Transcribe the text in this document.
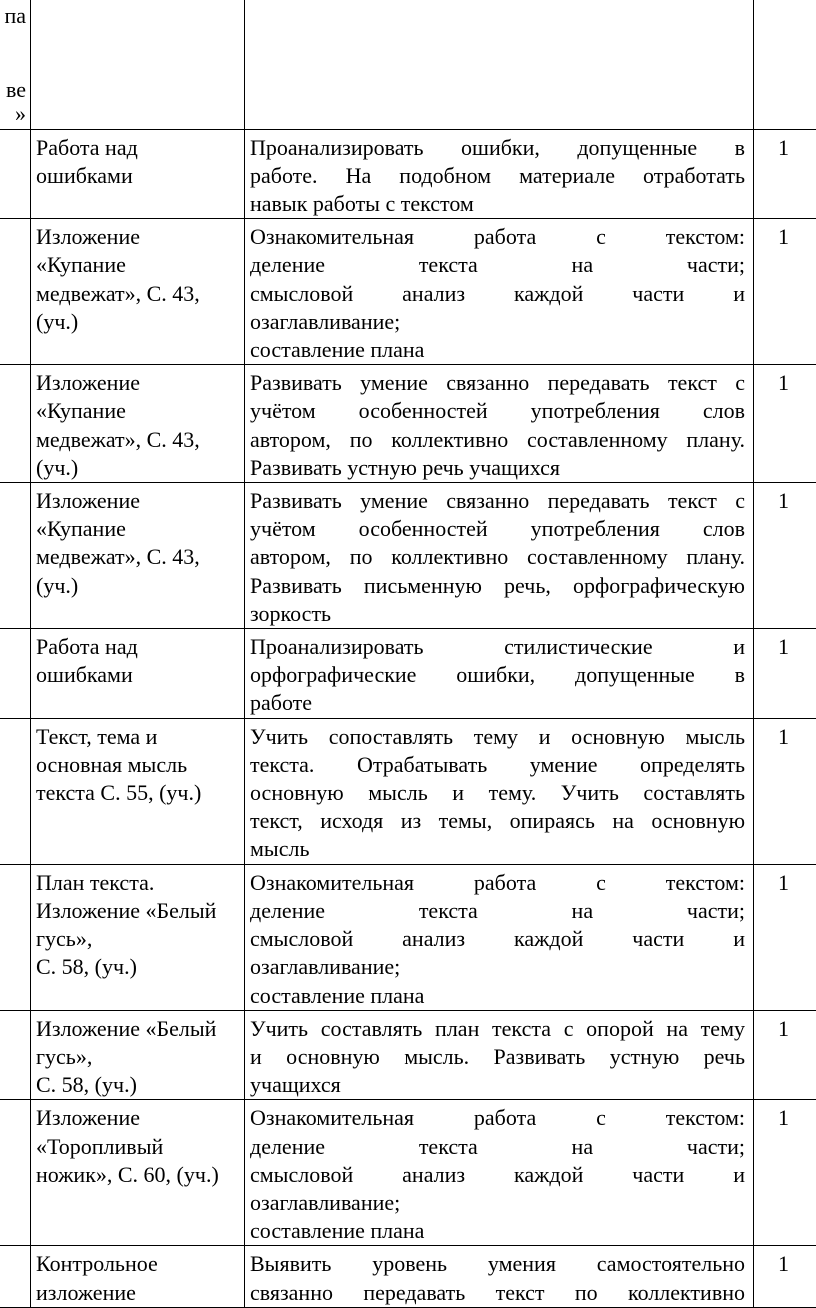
па
ве
»			

	Работа над
ошибками	Проанализировать ошибки, допущенные в
работе. На подобном материале отработать
навык работы с текстом	1

	Изложение
«Купание
медвежат», С. 43,
(уч.)	Ознакомительная работа с текстом:
деление текста на части;
смысловой анализ каждой части и
озаглавливание;
составление плана	1

	Изложение
«Купание
медвежат», С. 43,
(уч.)	Развивать умение связанно передавать текст с
учётом особенностей употребления слов
автором, по коллективно составленному плану.
Развивать устную речь учащихся	1

	Изложение
«Купание
медвежат», С. 43,
(уч.)	Развивать умение связанно передавать текст с
учётом особенностей употребления слов
автором, по коллективно составленному плану.
Развивать письменную речь, орфографическую
зоркость	1

	Работа над
ошибками	Проанализировать стилистические и
орфографические ошибки, допущенные в
работе	1

	Текст, тема и
основная мысль
текста С. 55, (уч.)	Учить сопоставлять тему и основную мысль
текста. Отрабатывать умение определять
основную мысль и тему. Учить составлять
текст, исходя из темы, опираясь на основную
мысль	1

	План текста.
Изложение «Белый
гусь»,
С. 58, (уч.)	Ознакомительная работа с текстом:
деление текста на части;
смысловой анализ каждой части и
озаглавливание;
составление плана	1

	Изложение «Белый
гусь»,
С. 58, (уч.)	Учить составлять план текста с опорой на тему
и основную мысль. Развивать устную речь
учащихся	1

	Изложение
«Торопливый
ножик», С. 60, (уч.)	Ознакомительная работа с текстом:
деление текста на части;
смысловой анализ каждой части и
озаглавливание;
составление плана	1

	Контрольное
изложение	Выявить уровень умения самостоятельно
связанно передавать текст по коллективно	1
